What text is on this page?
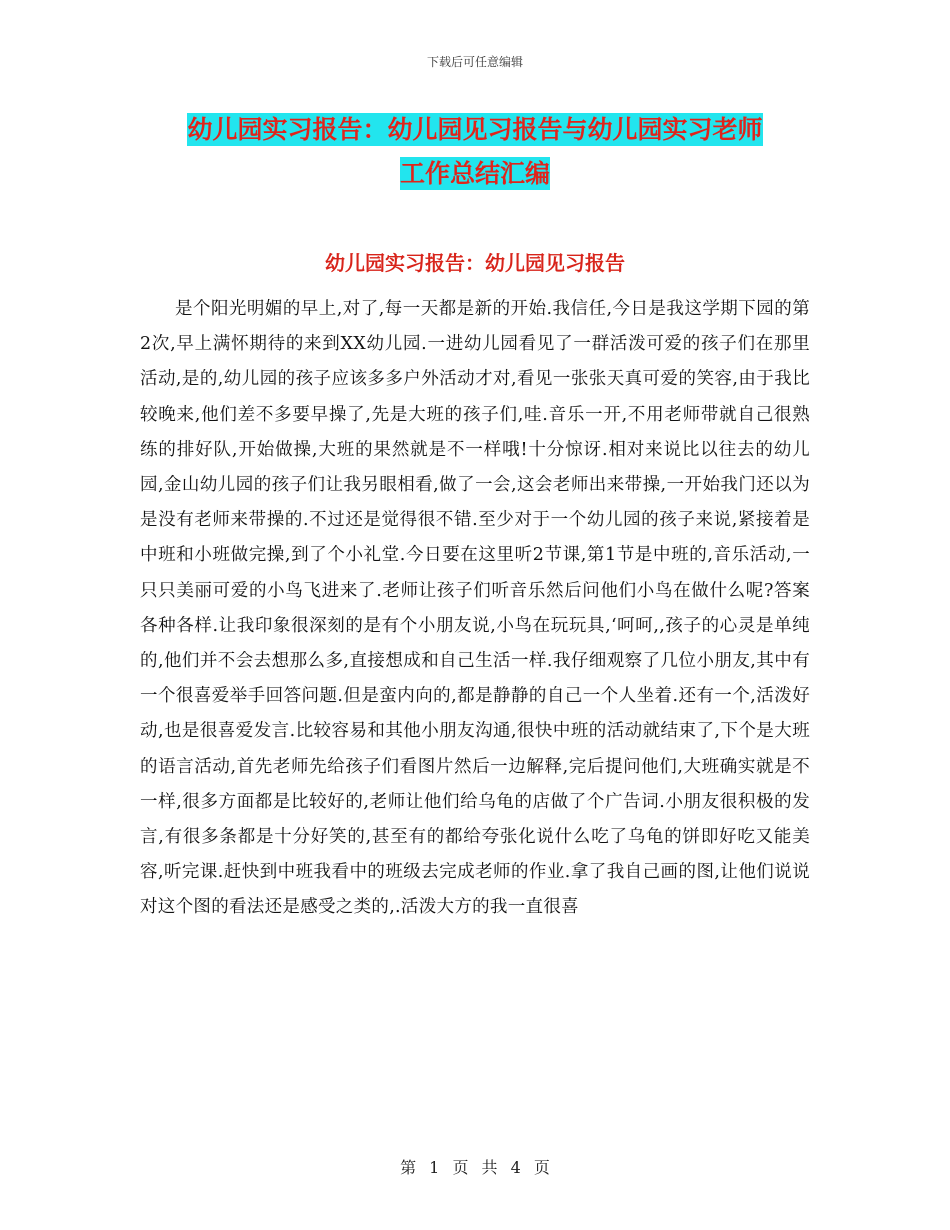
下载后可任意编辑
幼儿园实习报告：幼儿园见习报告与幼儿园实习老师
工作总结汇编
幼儿园实习报告：幼儿园见习报告
是个阳光明媚的早上,对了,每一天都是新的开始.我信任,今日是我这学期下园的第2次,早上满怀期待的来到XX幼儿园.一进幼儿园看见了一群活泼可爱的孩子们在那里活动,是的,幼儿园的孩子应该多多户外活动才对,看见一张张天真可爱的笑容,由于我比较晚来,他们差不多要早操了,先是大班的孩子们,哇.音乐一开,不用老师带就自己很熟练的排好队,开始做操,大班的果然就是不一样哦!十分惊讶.相对来说比以往去的幼儿园,金山幼儿园的孩子们让我另眼相看,做了一会,这会老师出来带操,一开始我门还以为是没有老师来带操的.不过还是觉得很不错.至少对于一个幼儿园的孩子来说,紧接着是中班和小班做完操,到了个小礼堂.今日要在这里听2节课,第1节是中班的,音乐活动,一只只美丽可爱的小鸟飞进来了.老师让孩子们听音乐然后问他们小鸟在做什么呢?答案各种各样.让我印象很深刻的是有个小朋友说,小鸟在玩玩具,‘呵呵,,孩子的心灵是单纯的,他们并不会去想那么多,直接想成和自己生活一样.我仔细观察了几位小朋友,其中有一个很喜爱举手回答问题.但是蛮内向的,都是静静的自己一个人坐着.还有一个,活泼好动,也是很喜爱发言.比较容易和其他小朋友沟通,很快中班的活动就结束了,下个是大班的语言活动,首先老师先给孩子们看图片然后一边解释,完后提问他们,大班确实就是不一样,很多方面都是比较好的,老师让他们给乌龟的店做了个广告词.小朋友很积极的发言,有很多条都是十分好笑的,甚至有的都给夸张化说什么吃了乌龟的饼即好吃又能美容,听完课.赶快到中班我看中的班级去完成老师的作业.拿了我自己画的图,让他们说说对这个图的看法还是感受之类的,.活泼大方的我一直很喜
第 1 页 共 4 页
